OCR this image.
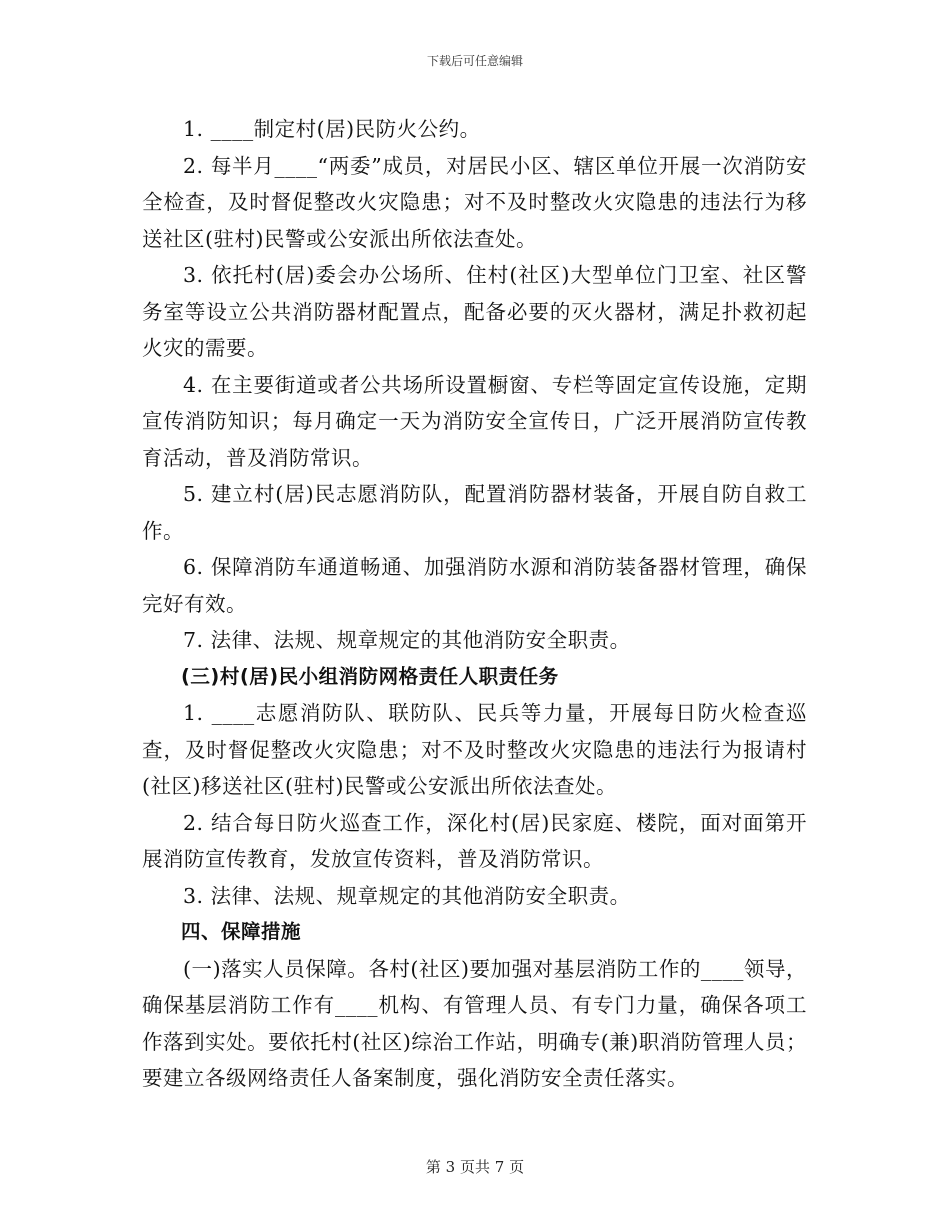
下载后可任意编辑

1. ____制定村(居)民防火公约。

2. 每半月____“两委”成员，对居民小区、辖区单位开展一次消防安全检查，及时督促整改火灾隐患；对不及时整改火灾隐患的违法行为移送社区(驻村)民警或公安派出所依法查处。

3. 依托村(居)委会办公场所、住村(社区)大型单位门卫室、社区警务室等设立公共消防器材配置点，配备必要的灭火器材，满足扑救初起火灾的需要。

4. 在主要街道或者公共场所设置橱窗、专栏等固定宣传设施，定期宣传消防知识；每月确定一天为消防安全宣传日，广泛开展消防宣传教育活动，普及消防常识。

5. 建立村(居)民志愿消防队，配置消防器材装备，开展自防自救工作。

6. 保障消防车通道畅通、加强消防水源和消防装备器材管理，确保完好有效。

7. 法律、法规、规章规定的其他消防安全职责。

(三)村(居)民小组消防网格责任人职责任务

1. ____志愿消防队、联防队、民兵等力量，开展每日防火检查巡查，及时督促整改火灾隐患；对不及时整改火灾隐患的违法行为报请村(社区)移送社区(驻村)民警或公安派出所依法查处。

2. 结合每日防火巡查工作，深化村(居)民家庭、楼院，面对面第开展消防宣传教育，发放宣传资料，普及消防常识。

3. 法律、法规、规章规定的其他消防安全职责。

四、保障措施

(一)落实人员保障。各村(社区)要加强对基层消防工作的____领导，确保基层消防工作有____机构、有管理人员、有专门力量，确保各项工作落到实处。要依托村(社区)综治工作站，明确专(兼)职消防管理人员；要建立各级网络责任人备案制度，强化消防安全责任落实。

第 3 页共 7 页
